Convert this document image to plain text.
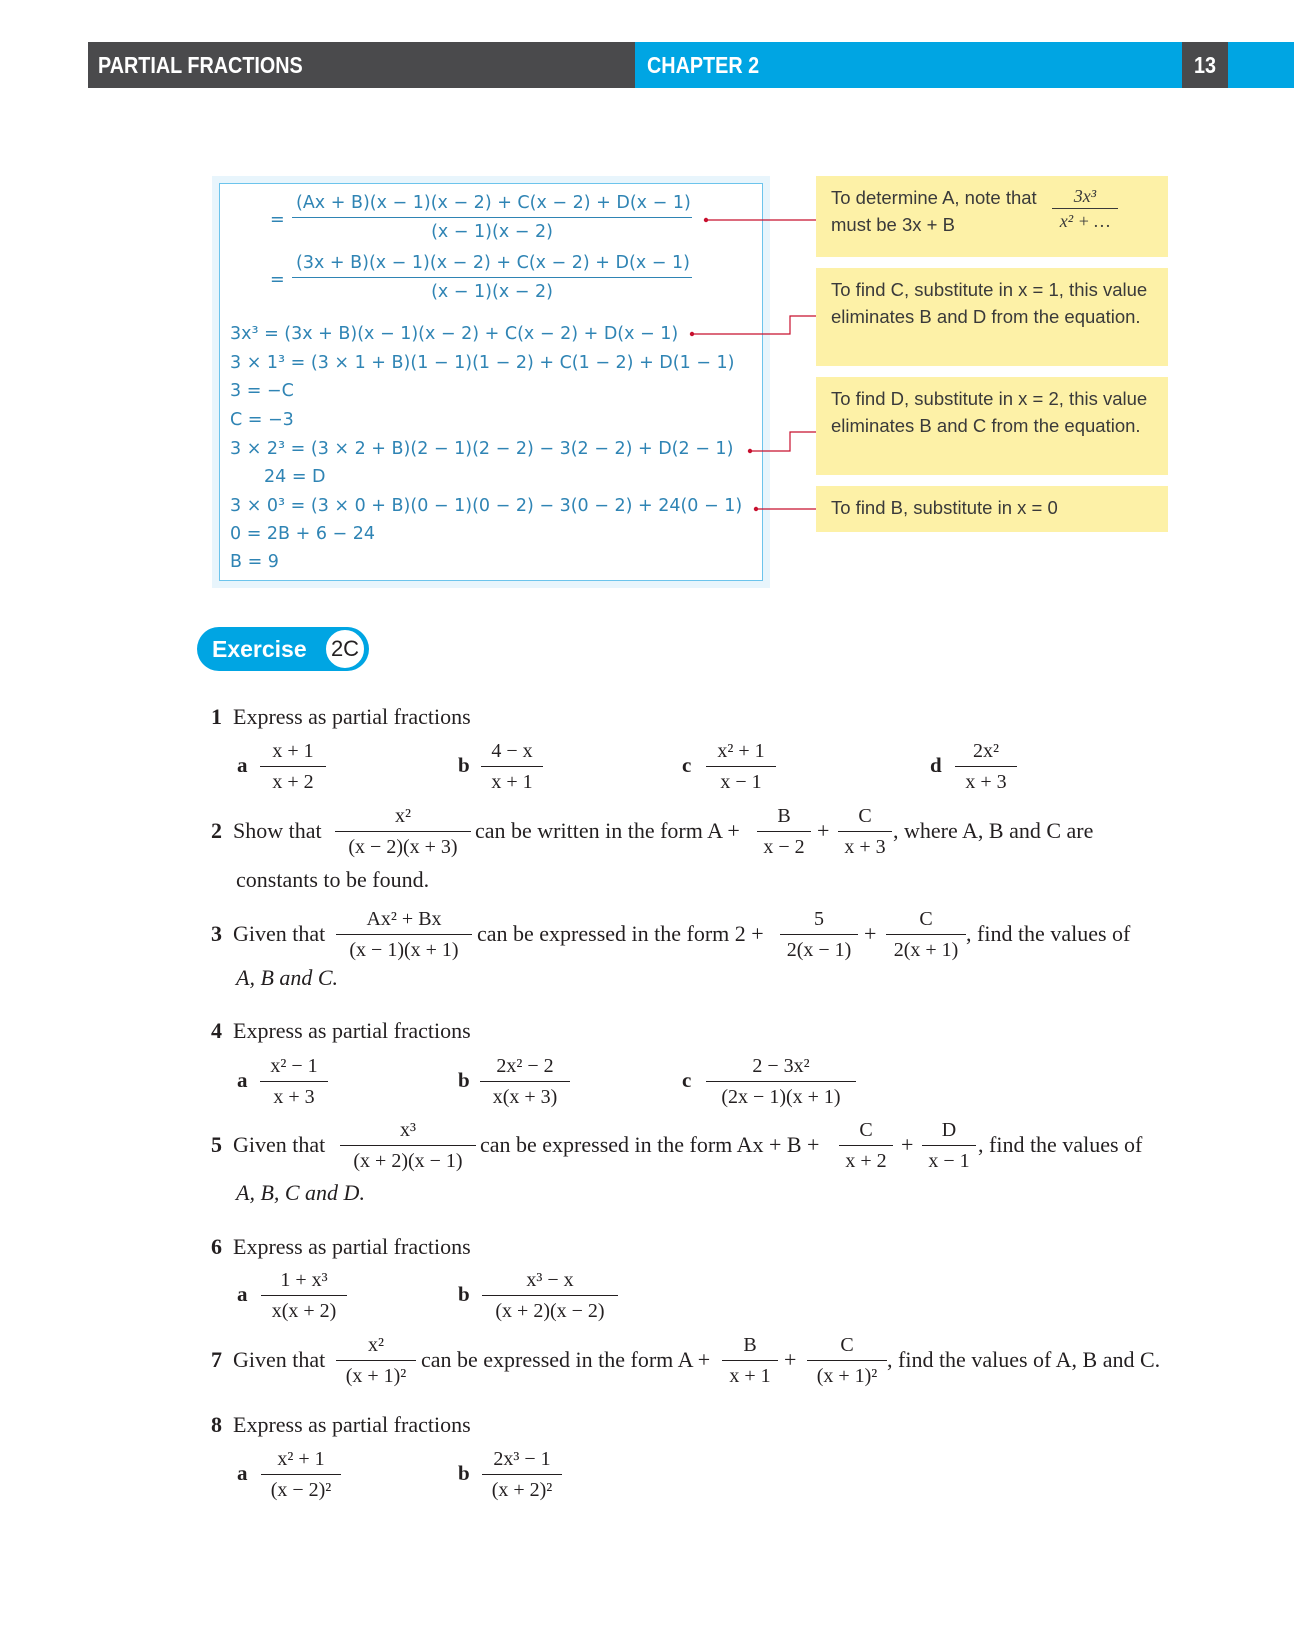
PARTIAL FRACTIONS	CHAPTER 2	13
= $\frac{(Ax + B)(x - 1)(x - 2) + C(x - 2) + D(x - 1)}{(x - 1)(x - 2)}$
= $\frac{(3x + B)(x - 1)(x - 2) + C(x - 2) + D(x - 1)}{(x - 1)(x - 2)}$
3x³ = (3x + B)(x − 1)(x − 2) + C(x − 2) + D(x − 1)
3 × 1³ = (3 × 1 + B)(1 − 1)(1 − 2) + C(1 − 2) + D(1 − 1)
3 = −C
C = −3
3 × 2³ = (3 × 2 + B)(2 − 1)(2 − 2) − 3(2 − 2) + D(2 − 1)
24 = D
3 × 0³ = (3 × 0 + B)(0 − 1)(0 − 2) − 3(0 − 2) + 24(0 − 1)
0 = 2B + 6 − 24
B = 9
To determine A, note that
must be 3x + B	$\frac{\text{3x³}}{\text{x² + …}}$
To find C, substitute in x = 1, this value eliminates B and D from the equation.
To find D, substitute in x = 2, this value eliminates B and C from the equation.
To find B, substitute in x = 0
Exercise	2C
1 Express as partial fractions
a $\frac{x + 1}{x + 2}$	b $\frac{4 - x}{x + 1}$	c $\frac{\text{x² + 1}}{x - 1}$	d $\frac{\text{2x²}}{x + 3}$
2 Show that $\frac{\text{x²}}{(x - 2)(x + 3)}$ can be written in the form $A + \frac{B}{x - 2} + \frac{C}{x + 3}$ , where A, B and C are
constants to be found.
3 Given that $\frac{\text{Ax² + Bx}}{(x - 1)(x + 1)}$ can be expressed in the form $2 + \frac{5}{2(x - 1)} + \frac{C}{2(x + 1)}$ , find the values of
A, B and C.
4 Express as partial fractions
a $\frac{\text{x² − 1}}{x + 3}$	b $\frac{\text{2x² − 2}}{x(x + 3)}$	c $\frac{\text{2 − 3x²}}{(2x - 1)(x + 1)}$
5 Given that $\frac{\text{x³}}{(x + 2)(x - 1)}$ can be expressed in the form $Ax + B + \frac{C}{x + 2} + \frac{D}{x - 1}$ , find the values of
A, B, C and D.
6 Express as partial fractions
a $\frac{\text{1 + x³}}{x(x + 2)}$	b $\frac{\text{x³ − x}}{(x + 2)(x - 2)}$
7 Given that $\frac{\text{x²}}{\text{(x + 1)²}}$ can be expressed in the form $A + \frac{B}{x + 1} + \frac{C}{\text{(x + 1)²}}$ , find the values of A, B and C.
8 Express as partial fractions
a $\frac{\text{x² + 1}}{\text{(x − 2)²}}$	b $\frac{\text{2x³ − 1}}{\text{(x + 2)²}}$
